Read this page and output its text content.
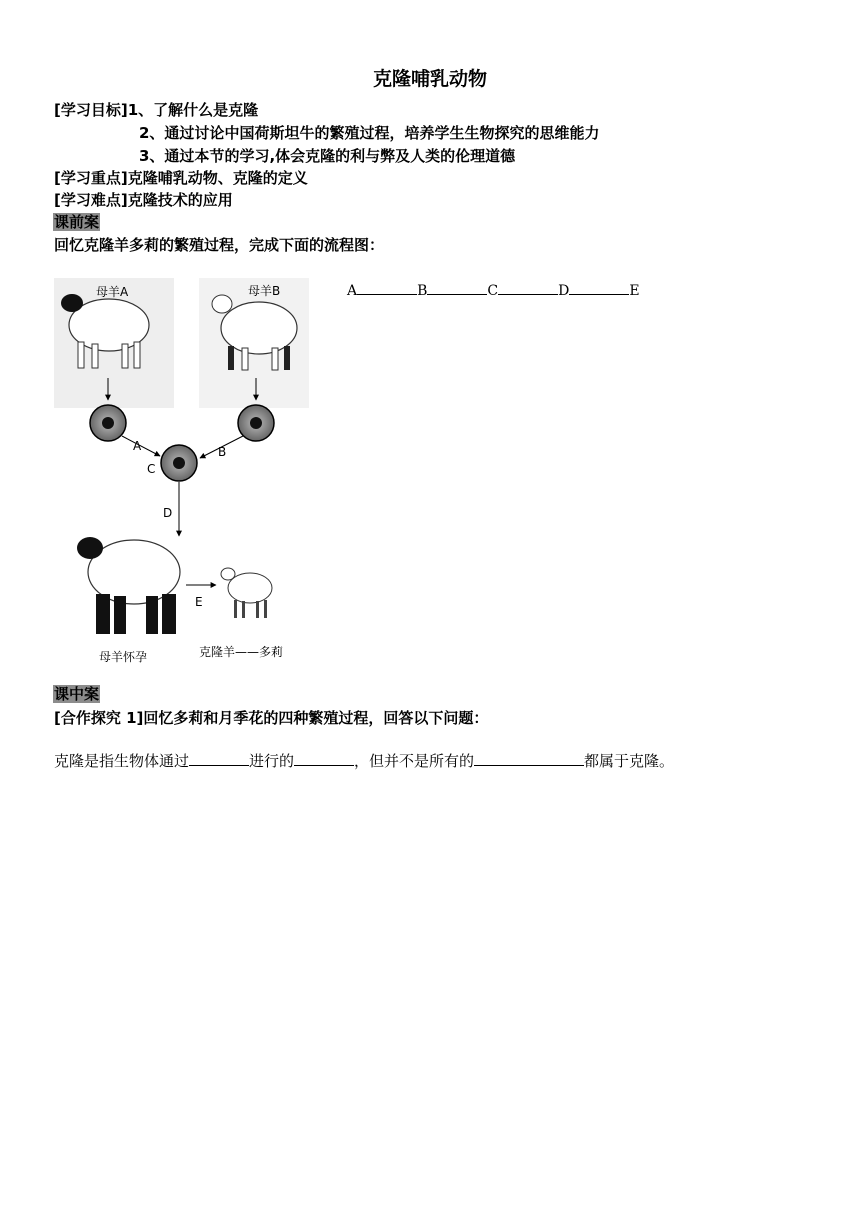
克隆哺乳动物
[学习目标]1、了解什么是克隆
2、通过讨论中国荷斯坦牛的繁殖过程，培养学生生物探究的思维能力
3、通过本节的学习,体会克隆的利与弊及人类的伦理道德
[学习重点]克隆哺乳动物、克隆的定义
[学习难点]克隆技术的应用
课前案
回忆克隆羊多莉的繁殖过程，完成下面的流程图：
母羊A	母羊B
A	B
C
D
E
母羊怀孕	克隆羊——多莉
A	B	C	D	E
课中案
[合作探究 1]回忆多莉和月季花的四种繁殖过程，回答以下问题：
克隆是指生物体通过	进行的	，但并不是所有的	都属于克隆。
